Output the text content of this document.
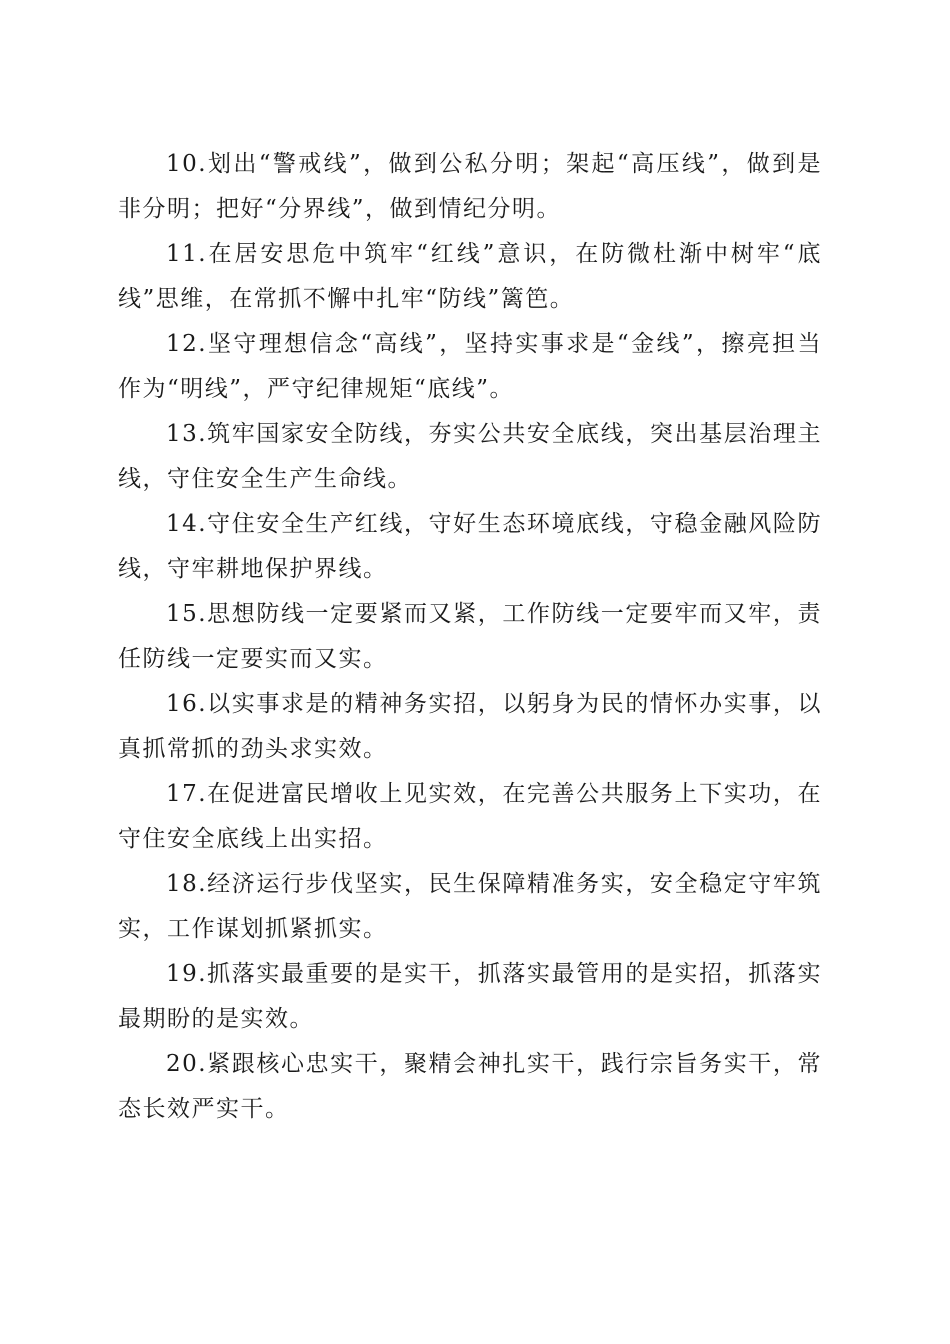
10.划出“警戒线”，做到公私分明；架起“高压线”，做到是非分明；把好“分界线”，做到情纪分明。

11.在居安思危中筑牢“红线”意识，在防微杜渐中树牢“底线”思维，在常抓不懈中扎牢“防线”篱笆。

12.坚守理想信念“高线”，坚持实事求是“金线”，擦亮担当作为“明线”，严守纪律规矩“底线”。

13.筑牢国家安全防线，夯实公共安全底线，突出基层治理主线，守住安全生产生命线。

14.守住安全生产红线，守好生态环境底线，守稳金融风险防线，守牢耕地保护界线。

15.思想防线一定要紧而又紧，工作防线一定要牢而又牢，责任防线一定要实而又实。

16.以实事求是的精神务实招，以躬身为民的情怀办实事，以真抓常抓的劲头求实效。

17.在促进富民增收上见实效，在完善公共服务上下实功，在守住安全底线上出实招。

18.经济运行步伐坚实，民生保障精准务实，安全稳定守牢筑实，工作谋划抓紧抓实。

19.抓落实最重要的是实干，抓落实最管用的是实招，抓落实最期盼的是实效。

20.紧跟核心忠实干，聚精会神扎实干，践行宗旨务实干，常态长效严实干。
